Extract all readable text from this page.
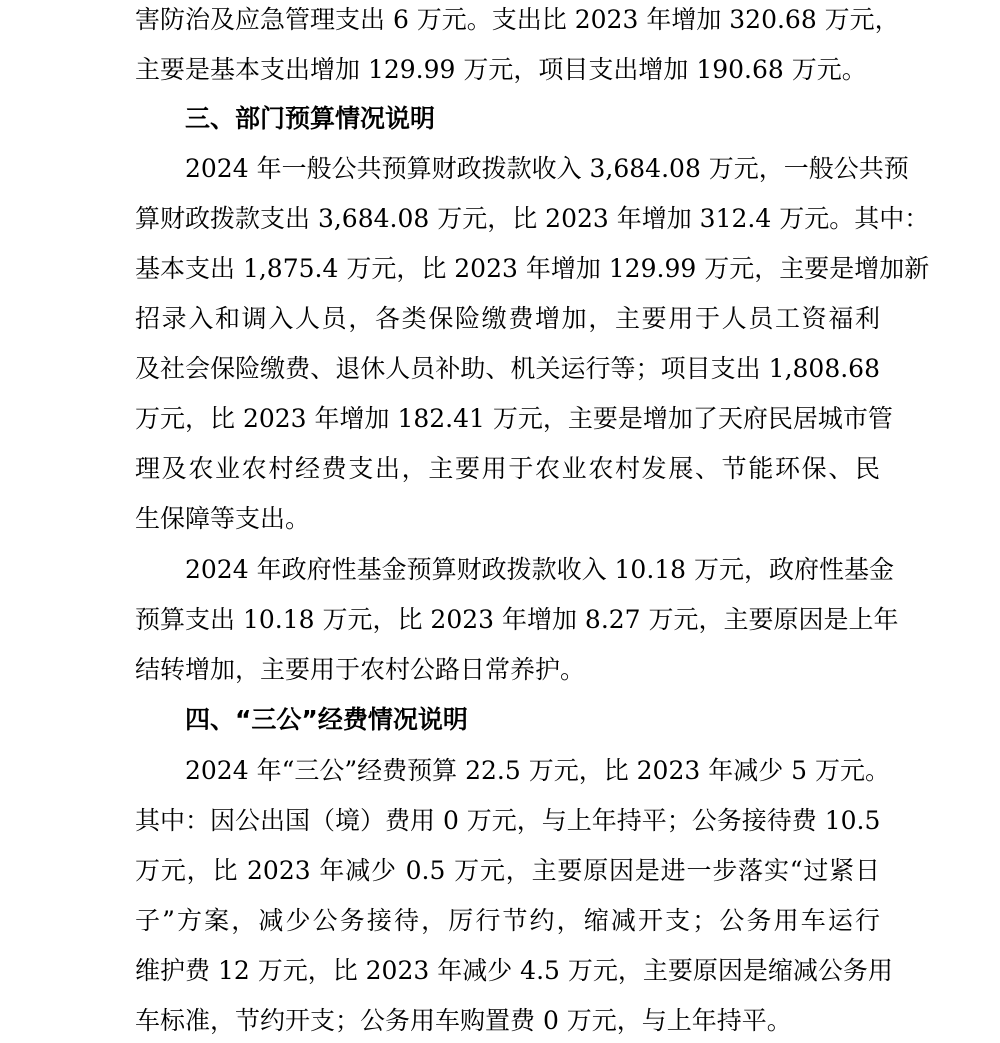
害防治及应急管理支出 6 万元。支出比 2023 年增加 320.68 万元，
主要是基本支出增加 129.99 万元，项目支出增加 190.68 万元。
三、部门预算情况说明
2024 年一般公共预算财政拨款收入 3,684.08 万元，一般公共预
算财政拨款支出 3,684.08 万元，比 2023 年增加 312.4 万元。其中：
基本支出 1,875.4 万元，比 2023 年增加 129.99 万元，主要是增加新
招录入和调入人员，各类保险缴费增加，主要用于人员工资福利
及社会保险缴费、退休人员补助、机关运行等；项目支出 1,808.68
万元，比 2023 年增加 182.41 万元，主要是增加了天府民居城市管
理及农业农村经费支出，主要用于农业农村发展、节能环保、民
生保障等支出。
2024 年政府性基金预算财政拨款收入 10.18 万元，政府性基金
预算支出 10.18 万元，比 2023 年增加 8.27 万元，主要原因是上年
结转增加，主要用于农村公路日常养护。
四、“三公”经费情况说明
2024 年“三公”经费预算 22.5 万元，比 2023 年减少 5 万元。
其中：因公出国（境）费用 0 万元，与上年持平；公务接待费 10.5
万元，比 2023 年减少 0.5 万元，主要原因是进一步落实“过紧日
子”方案，减少公务接待，厉行节约，缩减开支；公务用车运行
维护费 12 万元，比 2023 年减少 4.5 万元，主要原因是缩减公务用
车标准，节约开支；公务用车购置费 0 万元，与上年持平。
